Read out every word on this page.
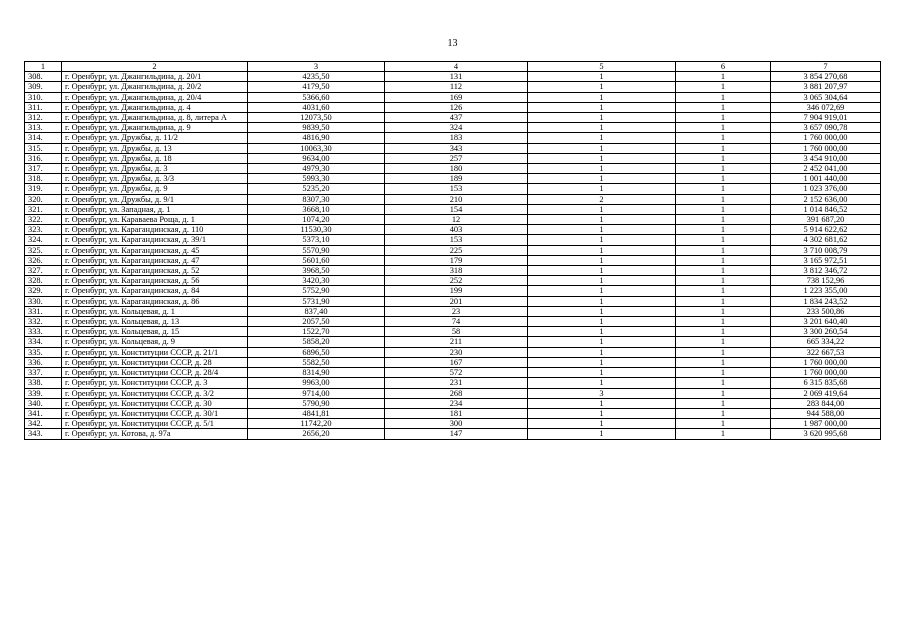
13
1	2	3	4	5	6	7
308.	г. Оренбург, ул. Джангильдина, д. 20/1	4235,50	131	1	1	3 854 270,68
309.	г. Оренбург, ул. Джангильдина, д. 20/2	4179,50	112	1	1	3 881 207,97
310.	г. Оренбург, ул. Джангильдина, д. 20/4	5366,60	169	1	1	3 065 304,64
311.	г. Оренбург, ул. Джангильдина, д. 4	4031,60	126	1	1	346 072,69
312.	г. Оренбург, ул. Джангильдина, д. 8, литера А	12073,50	437	1	1	7 904 919,01
313.	г. Оренбург, ул. Джангильдина, д. 9	9839,50	324	1	1	3 657 090,78
314.	г. Оренбург, ул. Дружбы, д. 11/2	4816,90	183	1	1	1 760 000,00
315.	г. Оренбург, ул. Дружбы, д. 13	10063,30	343	1	1	1 760 000,00
316.	г. Оренбург, ул. Дружбы, д. 18	9634,00	257	1	1	3 454 910,00
317.	г. Оренбург, ул. Дружбы, д. 3	4979,30	180	1	1	2 452 041,00
318.	г. Оренбург, ул. Дружбы, д. 3/3	5993,30	189	1	1	1 001 440,00
319.	г. Оренбург, ул. Дружбы, д. 9	5235,20	153	1	1	1 023 376,00
320.	г. Оренбург, ул. Дружбы, д. 9/1	8307,30	210	2	1	2 152 636,00
321.	г. Оренбург, ул. Западная, д. 1	3668,10	154	1	1	1 014 846,52
322.	г. Оренбург, ул. Караваева Роща, д. 1	1074,20	12	1	1	391 687,20
323.	г. Оренбург, ул. Карагандинская, д. 110	11530,30	403	1	1	5 914 622,62
324.	г. Оренбург, ул. Карагандинская, д. 39/1	5373,10	153	1	1	4 302 681,62
325.	г. Оренбург, ул. Карагандинская, д. 45	5570,90	225	1	1	3 710 008,79
326.	г. Оренбург, ул. Карагандинская, д. 47	5601,60	179	1	1	3 165 972,51
327.	г. Оренбург, ул. Карагандинская, д. 52	3968,50	318	1	1	3 812 346,72
328.	г. Оренбург, ул. Карагандинская, д. 56	3420,30	252	1	1	738 152,96
329.	г. Оренбург, ул. Карагандинская, д. 84	5752,90	199	1	1	1 223 355,00
330.	г. Оренбург, ул. Карагандинская, д. 86	5731,90	201	1	1	1 834 243,52
331.	г. Оренбург, ул. Кольцевая, д. 1	837,40	23	1	1	233 500,86
332.	г. Оренбург, ул. Кольцевая, д. 13	2057,50	74	1	1	3 201 640,40
333.	г. Оренбург, ул. Кольцевая, д. 15	1522,70	58	1	1	3 300 260,54
334.	г. Оренбург, ул. Кольцевая, д. 9	5858,20	211	1	1	665 334,22
335.	г. Оренбург, ул. Конституции СССР, д. 21/1	6896,50	230	1	1	322 667,53
336.	г. Оренбург, ул. Конституции СССР, д. 28	5582,50	167	1	1	1 760 000,00
337.	г. Оренбург, ул. Конституции СССР, д. 28/4	8314,90	572	1	1	1 760 000,00
338.	г. Оренбург, ул. Конституции СССР, д. 3	9963,00	231	1	1	6 315 835,68
339.	г. Оренбург, ул. Конституции СССР, д. 3/2	9714,00	268	3	1	2 069 419,64
340.	г. Оренбург, ул. Конституции СССР, д. 30	5790,90	234	1	1	283 844,00
341.	г. Оренбург, ул. Конституции СССР, д. 30/1	4841,81	181	1	1	944 588,00
342.	г. Оренбург, ул. Конституции СССР, д. 5/1	11742,20	300	1	1	1 987 000,00
343.	г. Оренбург, ул. Котова, д. 97а	2656,20	147	1	1	3 620 995,68
